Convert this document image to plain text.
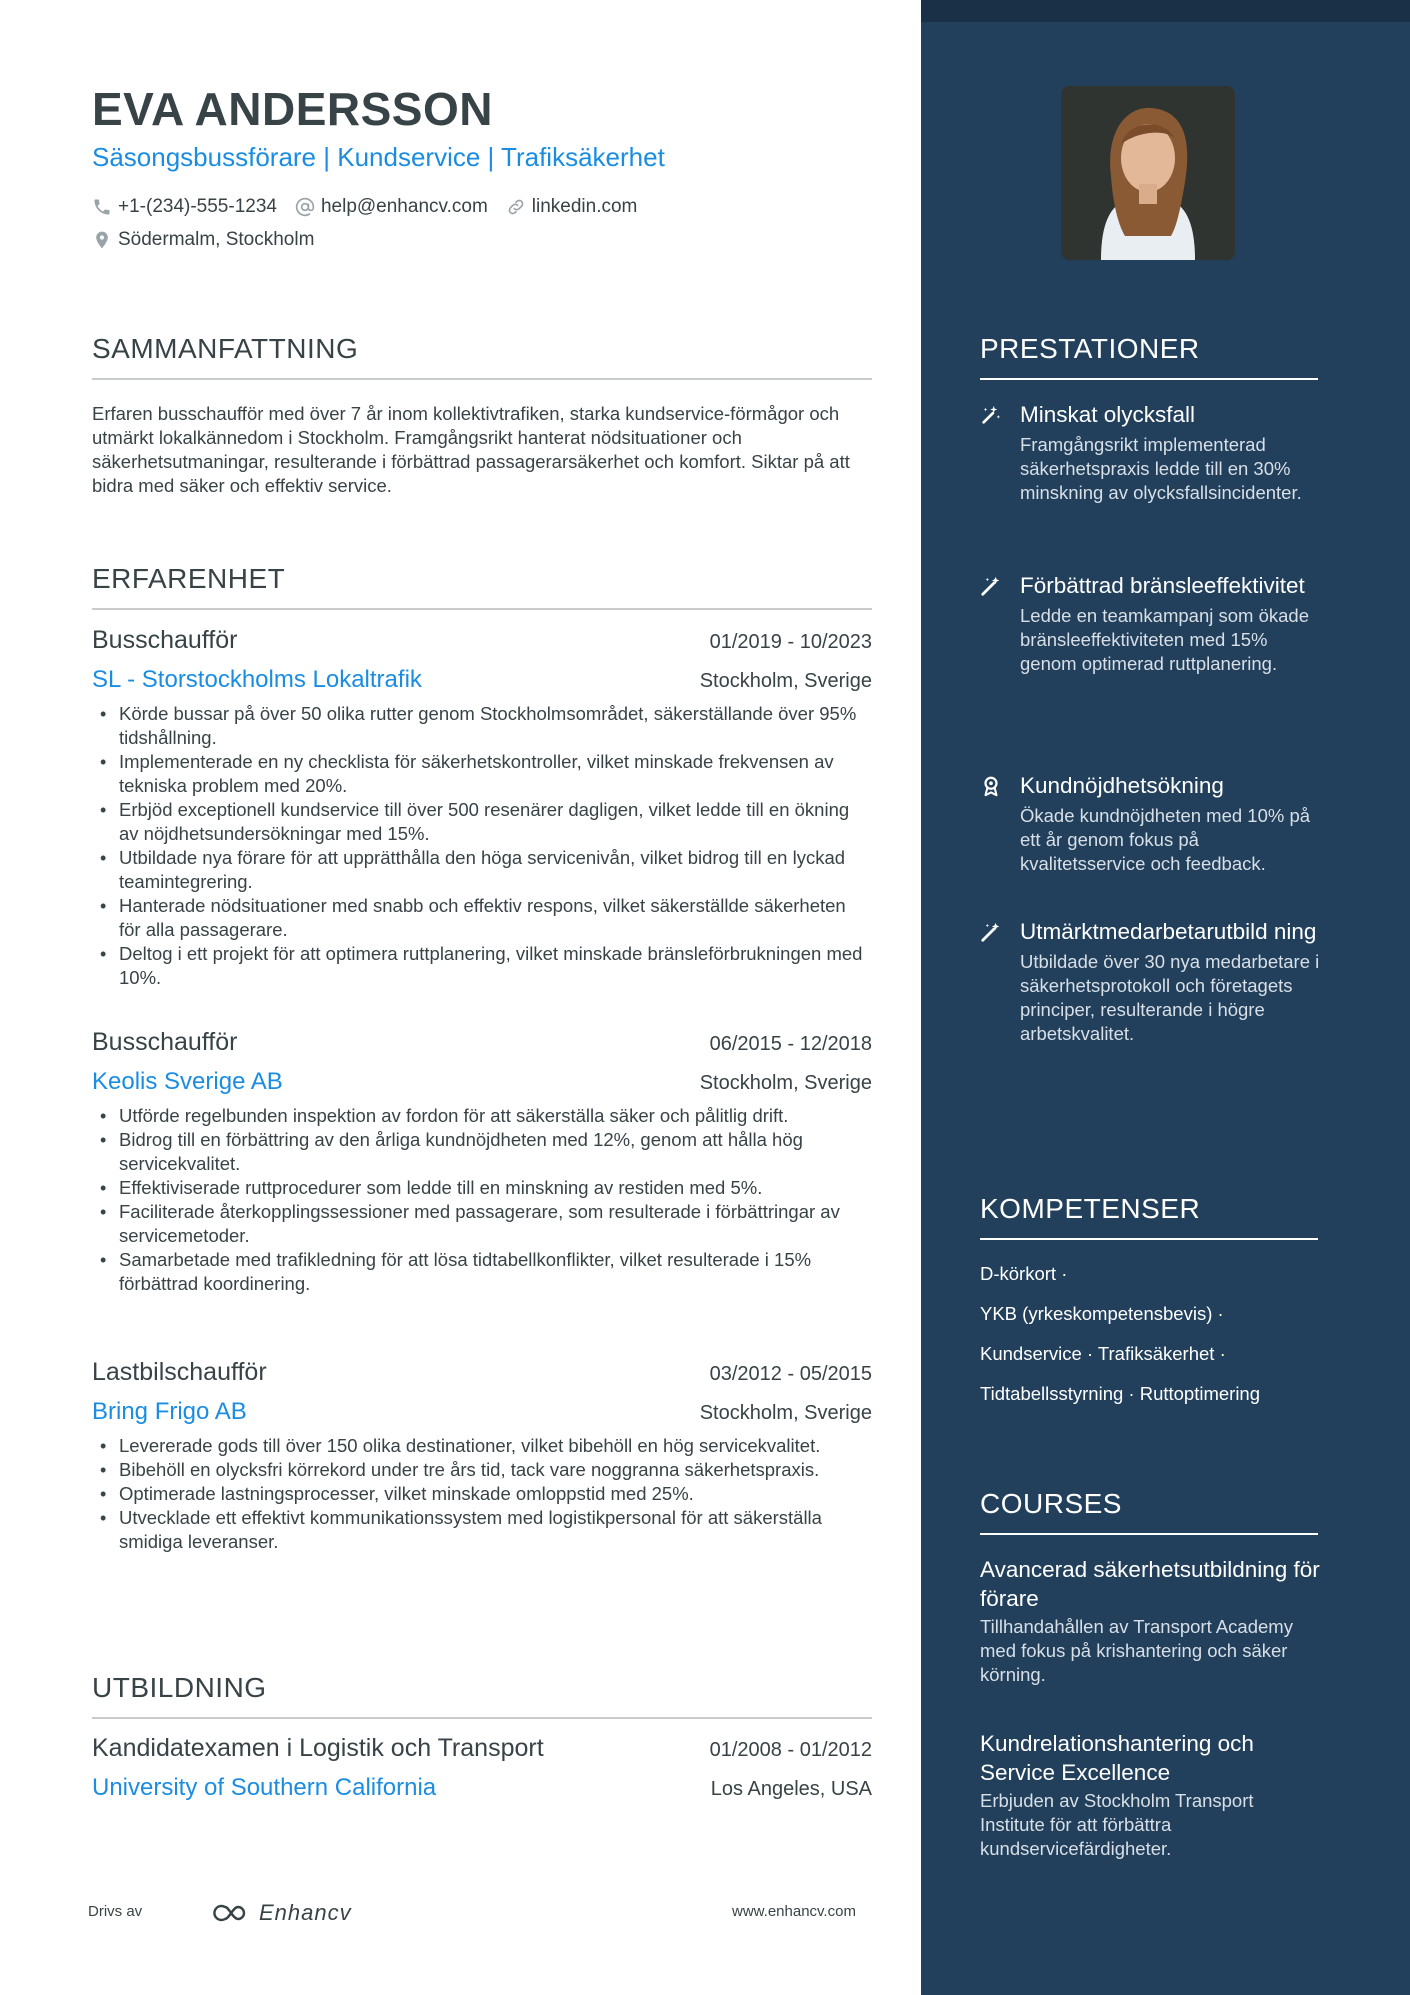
EVA ANDERSSON
Säsongsbussförare | Kundservice | Trafiksäkerhet
+1-(234)-555-1234 help@enhancv.com linkedin.com
Södermalm, Stockholm
SAMMANFATTNING
Erfaren busschaufför med över 7 år inom kollektivtrafiken, starka kundservice-förmågor och utmärkt lokalkännedom i Stockholm. Framgångsrikt hanterat nödsituationer och säkerhetsutmaningar, resulterande i förbättrad passagerarsäkerhet och komfort. Siktar på att bidra med säker och effektiv service.
ERFARENHET
Busschaufför	01/2019 - 10/2023
SL - Storstockholms Lokaltrafik	Stockholm, Sverige
• Körde bussar på över 50 olika rutter genom Stockholmsområdet, säkerställande över 95% tidshållning.
• Implementerade en ny checklista för säkerhetskontroller, vilket minskade frekvensen av tekniska problem med 20%.
• Erbjöd exceptionell kundservice till över 500 resenärer dagligen, vilket ledde till en ökning av nöjdhetsundersökningar med 15%.
• Utbildade nya förare för att upprätthålla den höga servicenivån, vilket bidrog till en lyckad teamintegrering.
• Hanterade nödsituationer med snabb och effektiv respons, vilket säkerställde säkerheten för alla passagerare.
• Deltog i ett projekt för att optimera ruttplanering, vilket minskade bränsleförbrukningen med 10%.
Busschaufför	06/2015 - 12/2018
Keolis Sverige AB	Stockholm, Sverige
• Utförde regelbunden inspektion av fordon för att säkerställa säker och pålitlig drift.
• Bidrog till en förbättring av den årliga kundnöjdheten med 12%, genom att hålla hög servicekvalitet.
• Effektiviserade ruttprocedurer som ledde till en minskning av restiden med 5%.
• Faciliterade återkopplingssessioner med passagerare, som resulterade i förbättringar av servicemetoder.
• Samarbetade med trafikledning för att lösa tidtabellkonflikter, vilket resulterade i 15% förbättrad koordinering.
Lastbilschaufför	03/2012 - 05/2015
Bring Frigo AB	Stockholm, Sverige
• Levererade gods till över 150 olika destinationer, vilket bibehöll en hög servicekvalitet.
• Bibehöll en olycksfri körrekord under tre års tid, tack vare noggranna säkerhetspraxis.
• Optimerade lastningsprocesser, vilket minskade omloppstid med 25%.
• Utvecklade ett effektivt kommunikationssystem med logistikpersonal för att säkerställa smidiga leveranser.
UTBILDNING
Kandidatexamen i Logistik och Transport	01/2008 - 01/2012
University of Southern California	Los Angeles, USA
Drivs av	Enhancv	www.enhancv.com
PRESTATIONER
Minskat olycksfall
Framgångsrikt implementerad säkerhetspraxis ledde till en 30% minskning av olycksfallsincidenter.
Förbättrad bränsleeffektivitet
Ledde en teamkampanj som ökade bränsleeffektiviteten med 15% genom optimerad ruttplanering.
Kundnöjdhetsökning
Ökade kundnöjdheten med 10% på ett år genom fokus på kvalitetsservice och feedback.
Utmärktmedarbetarutbild ning
Utbildade över 30 nya medarbetare i säkerhetsprotokoll och företagets principer, resulterande i högre arbetskvalitet.
KOMPETENSER
D-körkort ·
YKB (yrkeskompetensbevis) ·
Kundservice · Trafiksäkerhet ·
Tidtabellsstyrning · Ruttoptimering
COURSES
Avancerad säkerhetsutbildning för förare
Tillhandahållen av Transport Academy med fokus på krishantering och säker körning.
Kundrelationshantering och Service Excellence
Erbjuden av Stockholm Transport Institute för att förbättra kundservicefärdigheter.
